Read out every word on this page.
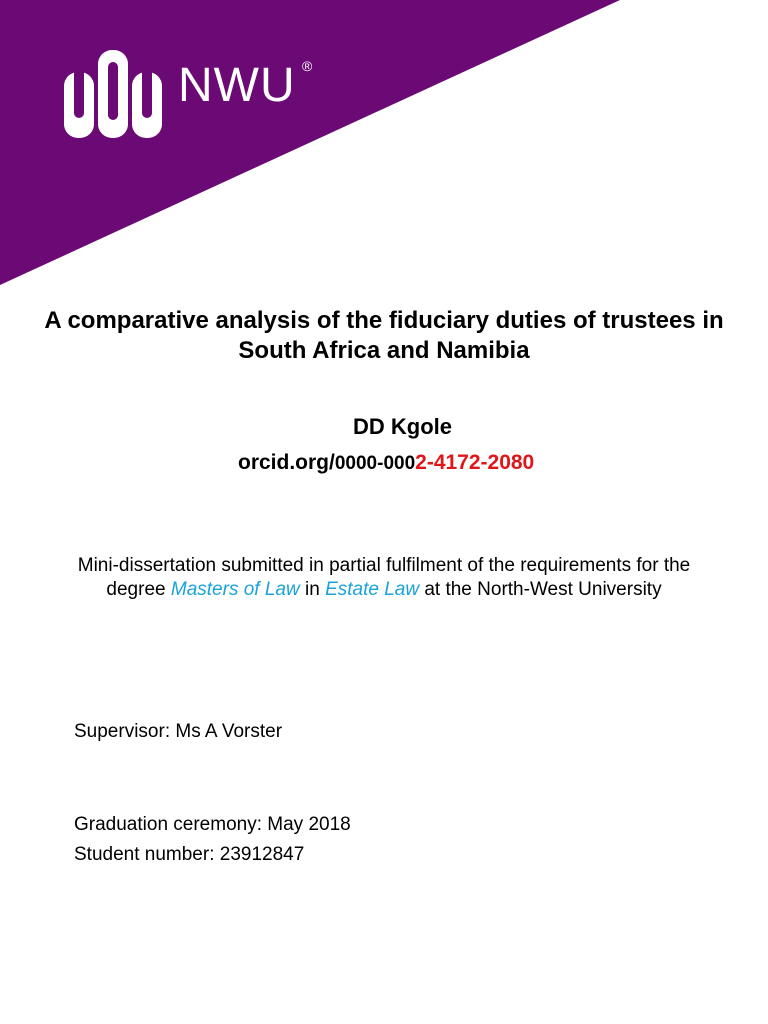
NWU ®
A comparative analysis of the fiduciary duties of trustees in South Africa and Namibia
DD Kgole
orcid.org/0000-0002-4172-2080
Mini-dissertation submitted in partial fulfilment of the requirements for the degree Masters of Law in Estate Law at the North-West University
Supervisor: Ms A Vorster
Graduation ceremony: May 2018
Student number: 23912847
